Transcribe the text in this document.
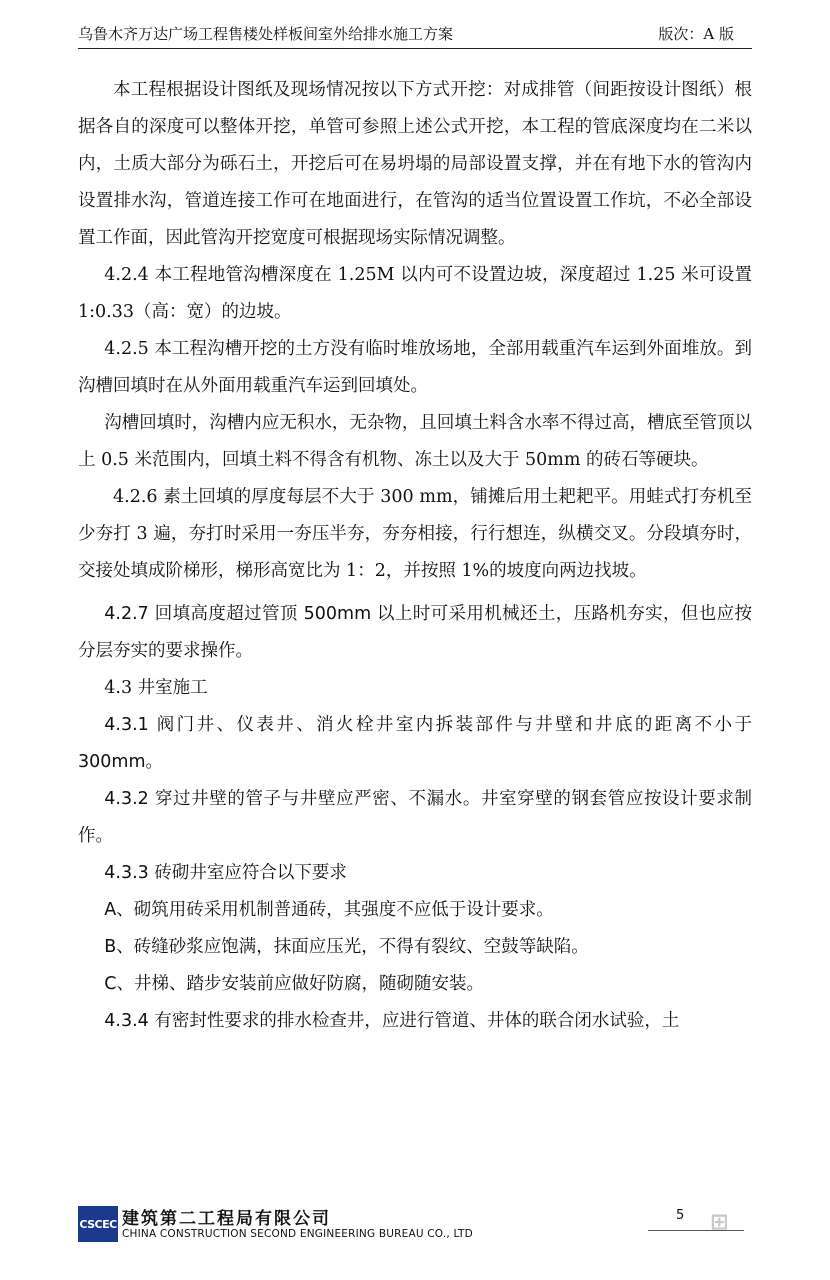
乌鲁木齐万达广场工程售楼处样板间室外给排水施工方案	版次：A 版

本工程根据设计图纸及现场情况按以下方式开挖：对成排管（间距按设计图纸）根据各自的深度可以整体开挖，单管可参照上述公式开挖，本工程的管底深度均在二米以内，土质大部分为砾石土，开挖后可在易坍塌的局部设置支撑，并在有地下水的管沟内设置排水沟，管道连接工作可在地面进行，在管沟的适当位置设置工作坑，不必全部设置工作面，因此管沟开挖宽度可根据现场实际情况调整。

4.2.4 本工程地管沟槽深度在 1.25M 以内可不设置边坡，深度超过 1.25 米可设置 1:0.33（高：宽）的边坡。

4.2.5 本工程沟槽开挖的土方没有临时堆放场地，全部用载重汽车运到外面堆放。到沟槽回填时在从外面用载重汽车运到回填处。

沟槽回填时，沟槽内应无积水，无杂物，且回填土料含水率不得过高，槽底至管顶以上 0.5 米范围内，回填土料不得含有机物、冻土以及大于 50mm 的砖石等硬块。

4.2.6 素土回填的厚度每层不大于 300 mm，铺摊后用土耙耙平。用蛙式打夯机至少夯打 3 遍，夯打时采用一夯压半夯，夯夯相接，行行想连，纵横交叉。分段填夯时，交接处填成阶梯形，梯形高宽比为 1：2，并按照 1%的坡度向两边找坡。

4.2.7 回填高度超过管顶 500mm 以上时可采用机械还土，压路机夯实，但也应按分层夯实的要求操作。

4.3 井室施工

4.3.1 阀门井、仪表井、消火栓井室内拆装部件与井壁和井底的距离不小于 300mm。

4.3.2 穿过井壁的管子与井壁应严密、不漏水。井室穿壁的钢套管应按设计要求制作。

4.3.3 砖砌井室应符合以下要求

A、砌筑用砖采用机制普通砖，其强度不应低于设计要求。

B、砖缝砂浆应饱满，抹面应压光，不得有裂纹、空鼓等缺陷。

C、井梯、踏步安装前应做好防腐，随砌随安装。

4.3.4 有密封性要求的排水检查井，应进行管道、井体的联合闭水试验，土

CSCEC 建筑第二工程局有限公司
CHINA CONSTRUCTION SECOND ENGINEERING BUREAU CO., LTD
5 ⊞
